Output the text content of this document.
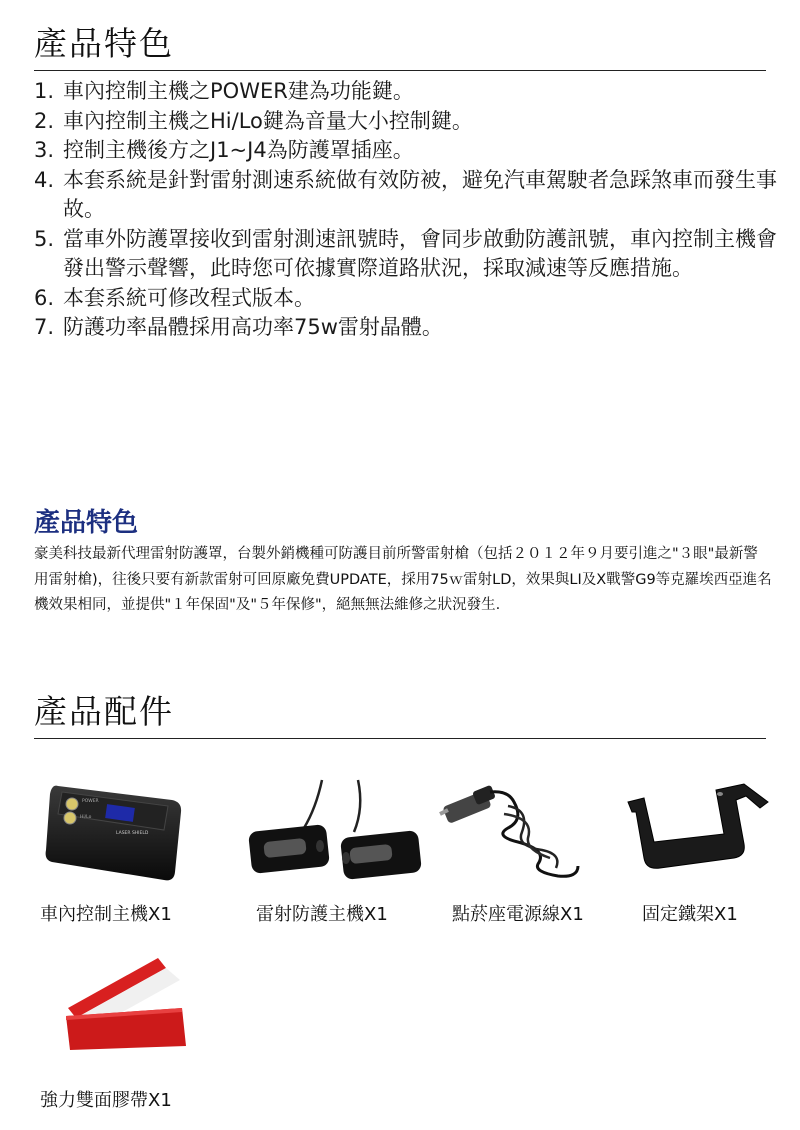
產品特色
1. 車內控制主機之POWER建為功能鍵。
2. 車內控制主機之Hi/Lo鍵為音量大小控制鍵。
3. 控制主機後方之J1~J4為防護罩插座。
4. 本套系統是針對雷射測速系統做有效防被，避免汽車駕駛者急踩煞車而發生事故。
5. 當車外防護罩接收到雷射測速訊號時，會同步啟動防護訊號，車內控制主機會發出警示聲響，此時您可依據實際道路狀況，採取減速等反應措施。
6. 本套系統可修改程式版本。
7. 防護功率晶體採用高功率75w雷射晶體。
產品特色

豪美科技最新代理雷射防護罩，台製外銷機種可防護目前所警雷射槍（包括２０１２年９月要引進之"３眼"最新警用雷射槍)，往後只要有新款雷射可回原廠免費UPDATE，採用75ｗ雷射LD，效果與LI及X戰警G9等克羅埃西亞進名機效果相同，並提供"１年保固"及"５年保修"，絕無無法維修之狀況發生.

產品配件
POWER
Hi/Lo
LASER SHIELD
車內控制主機X1	雷射防護主機X1	點菸座電源線X1	固定鐵架X1
強力雙面膠帶X1
